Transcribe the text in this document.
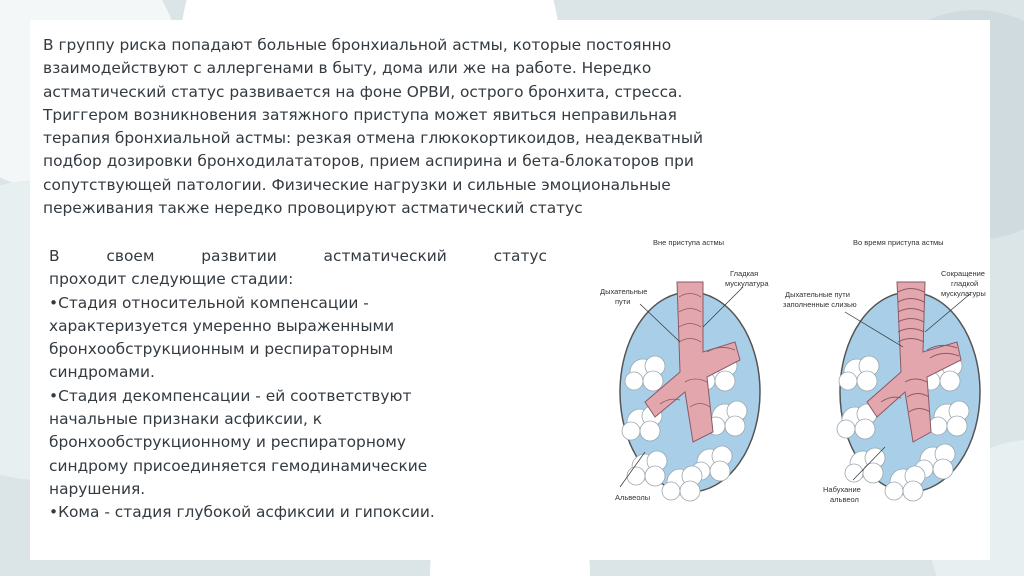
В группу риска попадают больные бронхиальной астмы, которые постоянно
взаимодействуют с аллергенами в быту, дома или же на работе. Нередко
астматический статус развивается на фоне ОРВИ, острого бронхита, стресса.
Триггером возникновения затяжного приступа может явиться неправильная
терапия бронхиальной астмы: резкая отмена глюкокортикоидов, неадекватный
подбор дозировки бронходилататоров, прием аспирина и бета-блокаторов при
сопутствующей патологии. Физические нагрузки и сильные эмоциональные
переживания также нередко провоцируют астматический статус
В своем развитии астматический статус
проходит следующие стадии:
•Стадия относительной компенсации -
характеризуется умеренно выраженными
бронхообструкционным и респираторным
синдромами.
•Стадия декомпенсации - ей соответствуют
начальные признаки асфиксии, к
бронхообструкционному и респираторному
синдрому присоединяется гемодинамические
нарушения.
•Кома - стадия глубокой асфиксии и гипоксии.
Вне приступа астмы
Дыхательные
пути
Гладкая
мускулатура
Альвеолы
Во время приступа астмы
Дыхательные пути
заполненные слизью
Сокращение
гладкой
мускулатуры
Набухание
альвеол
